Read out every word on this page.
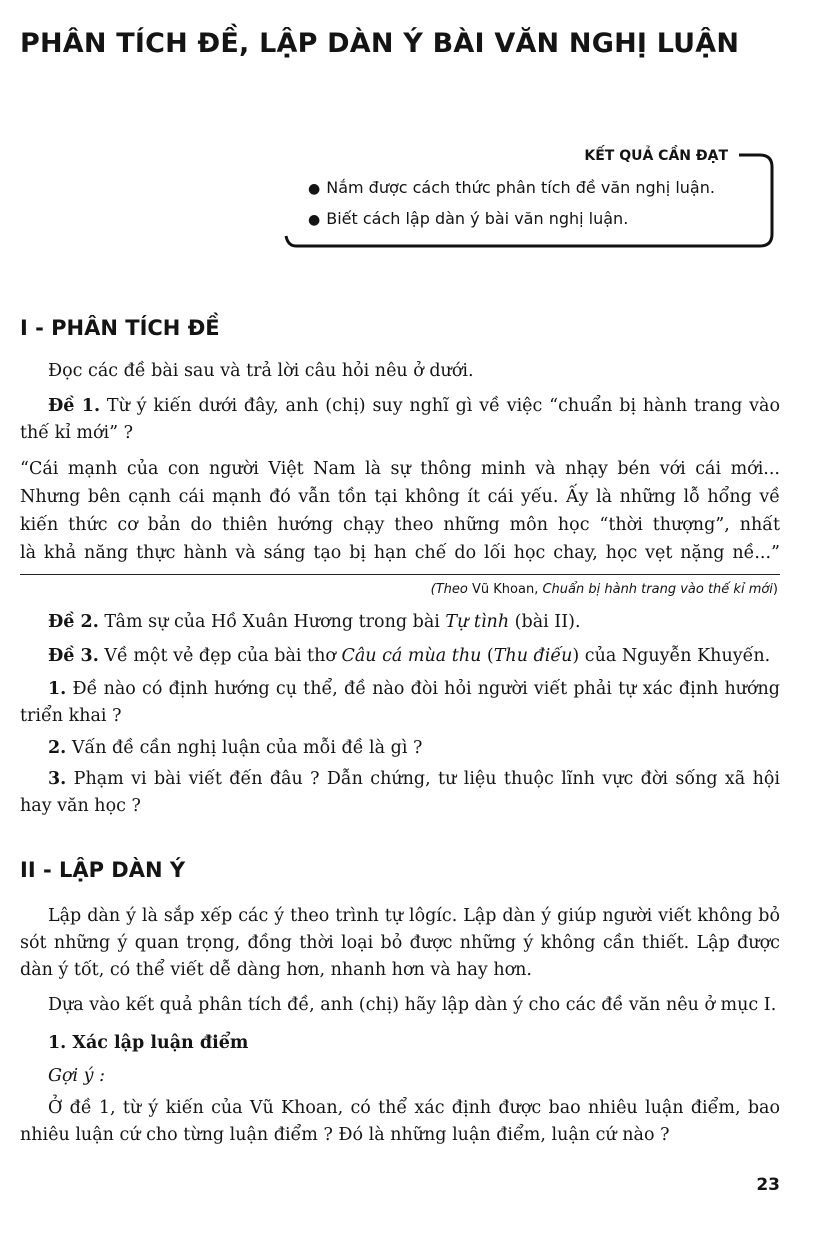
PHÂN TÍCH ĐỀ, LẬP DÀN Ý BÀI VĂN NGHỊ LUẬN
KẾT QUẢ CẦN ĐẠT
● Nắm được cách thức phân tích đề văn nghị luận.
● Biết cách lập dàn ý bài văn nghị luận.
I - PHÂN TÍCH ĐỀ

Đọc các đề bài sau và trả lời câu hỏi nêu ở dưới.

Đề 1. Từ ý kiến dưới đây, anh (chị) suy nghĩ gì về việc “chuẩn bị hành trang vào thế kỉ mới” ?

“Cái mạnh của con người Việt Nam là sự thông minh và nhạy bén với cái mới...

Nhưng bên cạnh cái mạnh đó vẫn tồn tại không ít cái yếu. Ấy là những lỗ hổng về

kiến thức cơ bản do thiên hướng chạy theo những môn học “thời thượng”, nhất

là khả năng thực hành và sáng tạo bị hạn chế do lối học chay, học vẹt nặng nề...”

(Theo Vũ Khoan, Chuẩn bị hành trang vào thế kỉ mới)

Đề 2. Tâm sự của Hồ Xuân Hương trong bài Tự tình (bài II).

Đề 3. Về một vẻ đẹp của bài thơ Câu cá mùa thu (Thu điếu) của Nguyễn Khuyến.

1. Đề nào có định hướng cụ thể, đề nào đòi hỏi người viết phải tự xác định hướng triển khai ?

2. Vấn đề cần nghị luận của mỗi đề là gì ?

3. Phạm vi bài viết đến đâu ? Dẫn chứng, tư liệu thuộc lĩnh vực đời sống xã hội hay văn học ?

II - LẬP DÀN Ý

Lập dàn ý là sắp xếp các ý theo trình tự lôgíc. Lập dàn ý giúp người viết không bỏ sót những ý quan trọng, đồng thời loại bỏ được những ý không cần thiết. Lập được dàn ý tốt, có thể viết dễ dàng hơn, nhanh hơn và hay hơn.

Dựa vào kết quả phân tích đề, anh (chị) hãy lập dàn ý cho các đề văn nêu ở mục I.

1. Xác lập luận điểm

Gợi ý :

Ở đề 1, từ ý kiến của Vũ Khoan, có thể xác định được bao nhiêu luận điểm, bao nhiêu luận cứ cho từng luận điểm ? Đó là những luận điểm, luận cứ nào ?

23
